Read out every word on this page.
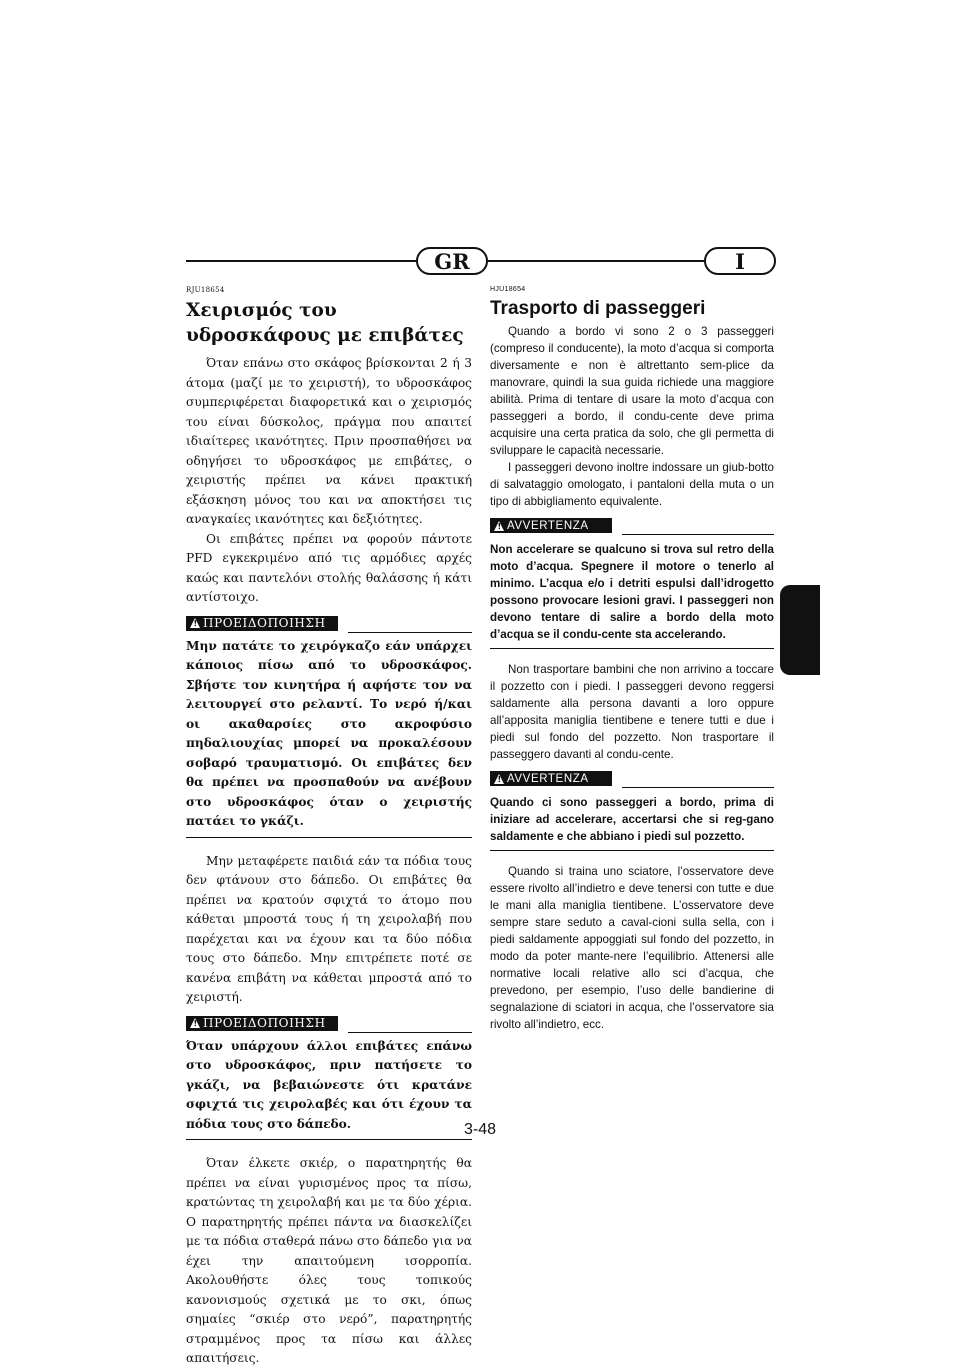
GR	I
RJU18654
Χειρισμός του υδροσκάφους με επιβάτες

Όταν επάνω στο σκάφος βρίσκονται 2 ή 3 άτομα (μαζί με το χειριστή), το υδροσκάφος συμπεριφέρεται διαφορετικά και ο χειρισμός του είναι δύσκολος, πράγμα που απαιτεί ιδιαίτερες ικανότητες. Πριν προσπαθήσει να οδηγήσει το υδροσκάφος με επιβάτες, ο χειριστής πρέπει να κάνει πρακτική εξάσκηση μόνος του και να αποκτήσει τις αναγκαίες ικανότητες και δεξιότητες.

Οι επιβάτες πρέπει να φορούν πάντοτε PFD εγκεκριμένο από τις αρμόδιες αρχές καώς και παντελόνι στολής θαλάσσης ή κάτι αντίστοιχο.

!
ΠΡΟΕΙΔΟΠΟΙΗΣΗ
Μην πατάτε το χειρόγκαζο εάν υπάρχει κάποιος πίσω από το υδροσκάφος. Σβήστε τον κινητήρα ή αφήστε τον να λειτουργεί στο ρελαντί. Το νερό ή/και οι ακαθαρσίες στο ακροφύσιο πηδαλιουχίας μπορεί να προκαλέσουν σοβαρό τραυματισμό. Οι επιβάτες δεν θα πρέπει να προσπαθούν να ανέβουν στο υδροσκάφος όταν ο χειριστής πατάει το γκάζι.

Μην μεταφέρετε παιδιά εάν τα πόδια τους δεν φτάνουν στο δάπεδο. Οι επιβάτες θα πρέπει να κρατούν σφιχτά το άτομο που κάθεται μπροστά τους ή τη χειρολαβή που παρέχεται και να έχουν και τα δύο πόδια τους στο δάπεδο. Μην επιτρέπετε ποτέ σε κανένα επιβάτη να κάθεται μπροστά από το χειριστή.

!
ΠΡΟΕΙΔΟΠΟΙΗΣΗ
Όταν υπάρχουν άλλοι επιβάτες επάνω στο υδροσκάφος, πριν πατήσετε το γκάζι, να βεβαιώνεστε ότι κρατάνε σφιχτά τις χειρολαβές και ότι έχουν τα πόδια τους στο δάπεδο.

Όταν έλκετε σκιέρ, ο παρατηρητής θα πρέπει να είναι γυρισμένος προς τα πίσω, κρατώντας τη χειρολαβή και με τα δύο χέρια. Ο παρατηρητής πρέπει πάντα να διασκελίζει με τα πόδια σταθερά πάνω στο δάπεδο για να έχει την απαιτούμενη ισορροπία. Ακολουθήστε όλες τους τοπικούς κανονισμούς σχετικά με το σκι, όπως σημαίες “σκιέρ στο νερό”, παρατηρητής στραμμένος προς τα πίσω και άλλες απαιτήσεις.

HJU18654
Trasporto di passeggeri

Quando a bordo vi sono 2 o 3 passeggeri (compreso il conducente), la moto d’acqua si comporta diversamente e non è altrettanto sem-plice da manovrare, quindi la sua guida richiede una maggiore abilità. Prima di tentare di usare la moto d’acqua con passeggeri a bordo, il condu-cente deve prima acquisire una certa pratica da solo, che gli permetta di sviluppare le capacità necessarie.

I passeggeri devono inoltre indossare un giub-botto di salvataggio omologato, i pantaloni della muta o un tipo di abbigliamento equivalente.

!
AVVERTENZA
Non accelerare se qualcuno si trova sul retro della moto d’acqua. Spegnere il motore o tenerlo al minimo. L’acqua e/o i detriti espulsi dall’idrogetto possono provocare lesioni gravi. I passeggeri non devono tentare di salire a bordo della moto d’acqua se il condu-cente sta accelerando.

Non trasportare bambini che non arrivino a toccare il pozzetto con i piedi. I passeggeri devono reggersi saldamente alla persona davanti a loro oppure all’apposita maniglia tientibene e tenere tutti e due i piedi sul fondo del pozzetto. Non trasportare il passeggero davanti al condu-cente.

!
AVVERTENZA
Quando ci sono passeggeri a bordo, prima di iniziare ad accelerare, accertarsi che si reg-gano saldamente e che abbiano i piedi sul pozzetto.

Quando si traina uno sciatore, l’osservatore deve essere rivolto all’indietro e deve tenersi con tutte e due le mani alla maniglia tientibene. L’osservatore deve sempre stare seduto a caval-cioni sulla sella, con i piedi saldamente appoggiati sul fondo del pozzetto, in modo da poter mante-nere l’equilibrio. Attenersi alle normative locali relative allo sci d’acqua, che prevedono, per esempio, l’uso delle bandierine di segnalazione di sciatori in acqua, che l’osservatore sia rivolto all’indietro, ecc.

3-48
